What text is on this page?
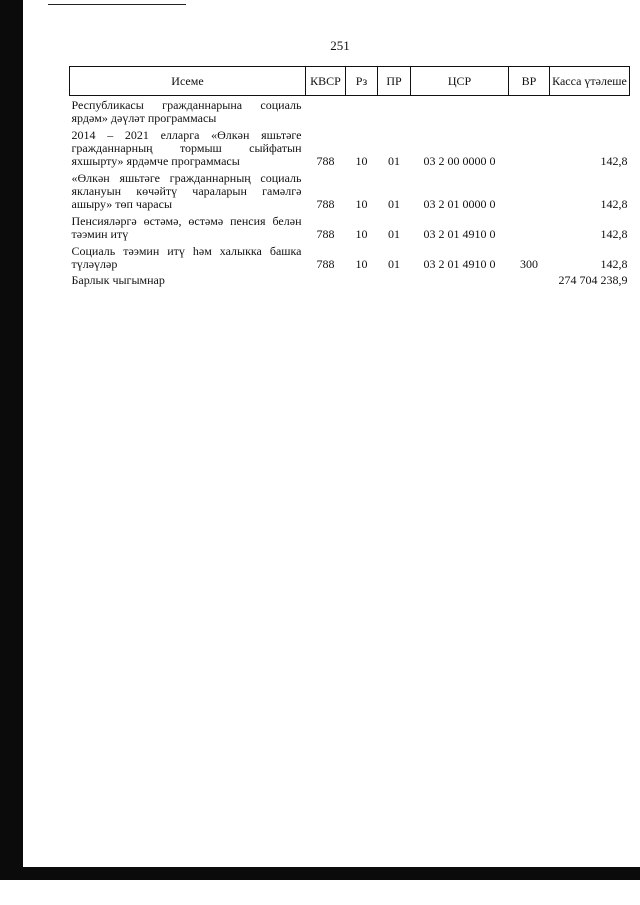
251
Исеме	КВСР	Рз	ПР	ЦСР	ВР	Касса үтәлеше

Республикасы гражданнарына социаль ярдәм» дәүләт программасы						
2014 – 2021 елларга «Өлкән яшьтәге гражданнарның тормыш сыйфатын яхшырту» ярдәмче программасы	788	10	01	03 2 00 0000 0		142,8
«Өлкән яшьтәге гражданнарның социаль яклануын көчәйтү чараларын гамәлгә ашыру» төп чарасы	788	10	01	03 2 01 0000 0		142,8
Пенсияләргә өстәмә, өстәмә пенсия белән тәэмин итү	788	10	01	03 2 01 4910 0		142,8
Социаль тәэмин итү һәм халыкка башка түләүләр	788	10	01	03 2 01 4910 0	300	142,8
Барлык чыгымнар					274 704 238,9	
